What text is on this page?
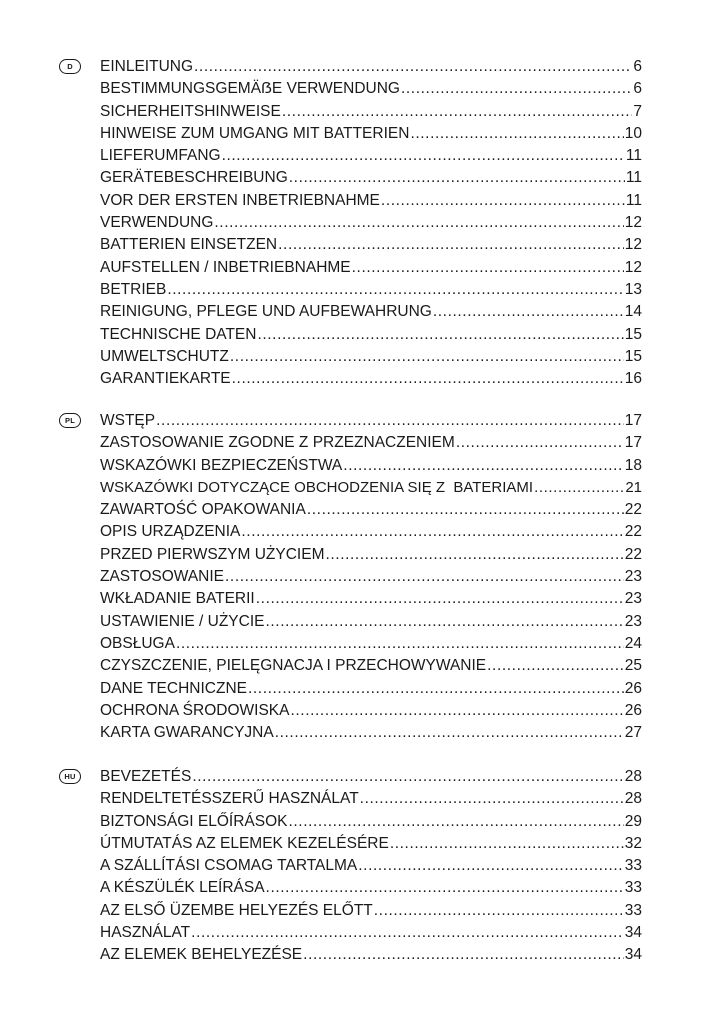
D	EINLEITUNG .....	6
BESTIMMUNGSGEMÄẞE VERWENDUNG .....	6
SICHERHEITSHINWEISE .....	7
HINWEISE ZUM UMGANG MIT BATTERIEN .....	10
LIEFERUMFANG .....	11
GERÄTEBESCHREIBUNG .....	11
VOR DER ERSTEN INBETRIEBNAHME .....	11
VERWENDUNG .....	12
BATTERIEN EINSETZEN .....	12
AUFSTELLEN / INBETRIEBNAHME .....	12
BETRIEB .....	13
REINIGUNG, PFLEGE UND AUFBEWAHRUNG .....	14
TECHNISCHE DATEN .....	15
UMWELTSCHUTZ .....	15
GARANTIEKARTE .....	16
PL	WSTĘP .....	17
ZASTOSOWANIE ZGODNE Z PRZEZNACZENIEM .....	17
WSKAZÓWKI BEZPIECZEŃSTWA .....	18
WSKAZÓWKI DOTYCZĄCE OBCHODZENIA SIĘ Z  BATERIAMI .....	21
ZAWARTOŚĆ OPAKOWANIA .....	22
OPIS URZĄDZENIA .....	22
PRZED PIERWSZYM UŻYCIEM .....	22
ZASTOSOWANIE .....	23
WKŁADANIE BATERII .....	23
USTAWIENIE / UŻYCIE .....	23
OBSŁUGA .....	24
CZYSZCZENIE, PIELĘGNACJA I PRZECHOWYWANIE .....	25
DANE TECHNICZNE .....	26
OCHRONA ŚRODOWISKA .....	26
KARTA GWARANCYJNA .....	27
HU	BEVEZETÉS .....	28
RENDELTETÉSSZERŰ HASZNÁLAT .....	28
BIZTONSÁGI ELŐÍRÁSOK .....	29
ÚTMUTATÁS AZ ELEMEK KEZELÉSÉRE .....	32
A SZÁLLÍTÁSI CSOMAG TARTALMA .....	33
A KÉSZÜLÉK LEÍRÁSA .....	33
AZ ELSŐ ÜZEMBE HELYEZÉS ELŐTT .....	33
HASZNÁLAT .....	34
AZ ELEMEK BEHELYEZÉSE .....	34
